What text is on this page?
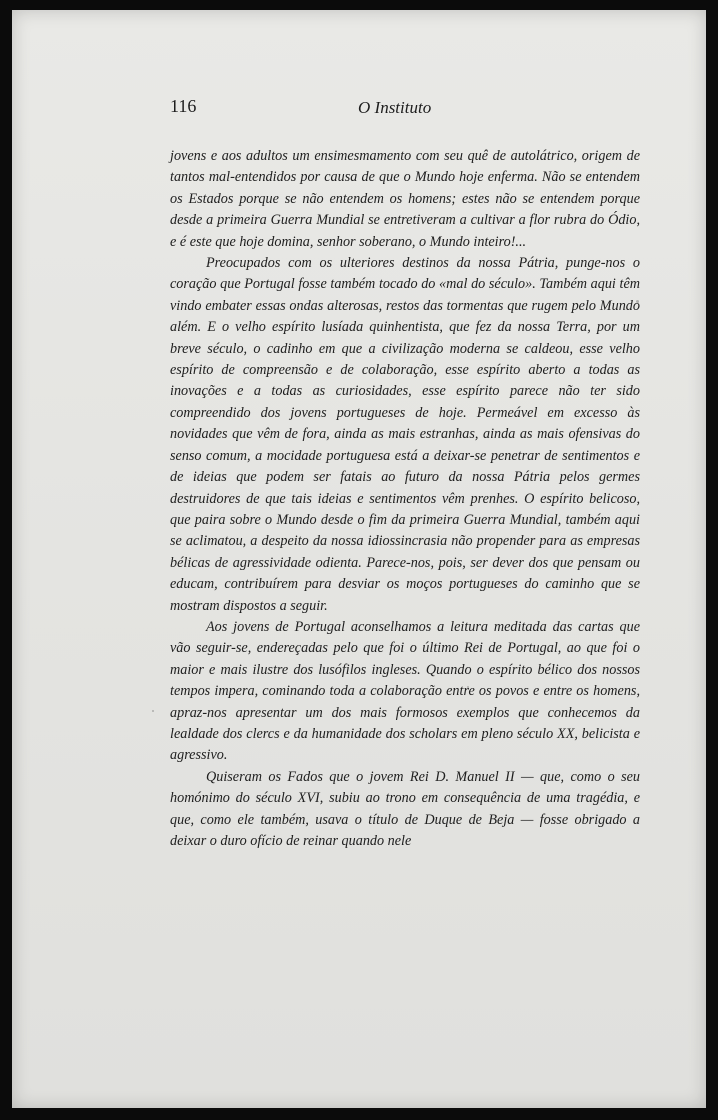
116	O Instituto

jovens e aos adultos um ensimesmamento com seu quê de autolátrico, origem de tantos mal-entendidos por causa de que o Mundo hoje enferma. Não se entendem os Estados porque se não entendem os homens; estes não se entendem porque desde a primeira Guerra Mundial se entretiveram a cultivar a flor rubra do Ódio, e é este que hoje domina, senhor soberano, o Mundo inteiro!...

Preocupados com os ulteriores destinos da nossa Pátria, punge-nos o coração que Portugal fosse também tocado do «mal do século». Também aqui têm vindo embater essas ondas alterosas, restos das tormentas que rugem pelo Mundo além. E o velho espírito lusíada quinhentista, que fez da nossa Terra, por um breve século, o cadinho em que a civilização moderna se caldeou, esse velho espírito de compreensão e de colaboração, esse espírito aberto a todas as inovações e a todas as curiosidades, esse espírito parece não ter sido compreendido dos jovens portugueses de hoje. Permeável em excesso às novidades que vêm de fora, ainda as mais estranhas, ainda as mais ofensivas do senso comum, a mocidade portuguesa está a deixar-se penetrar de sentimentos e de ideias que podem ser fatais ao futuro da nossa Pátria pelos germes destruidores de que tais ideias e sentimentos vêm prenhes. O espírito belicoso, que paira sobre o Mundo desde o fim da primeira Guerra Mundial, também aqui se aclimatou, a despeito da nossa idiossincrasia não propender para as empresas bélicas de agressividade odienta. Parece-nos, pois, ser dever dos que pensam ou educam, contribuírem para desviar os moços portugueses do caminho que se mostram dispostos a seguir.

Aos jovens de Portugal aconselhamos a leitura meditada das cartas que vão seguir-se, endereçadas pelo que foi o último Rei de Portugal, ao que foi o maior e mais ilustre dos lusófilos ingleses. Quando o espírito bélico dos nossos tempos impera, cominando toda a colaboração entre os povos e entre os homens, apraz-nos apresentar um dos mais formosos exemplos que conhecemos da lealdade dos clercs e da humanidade dos scholars em pleno século XX, belicista e agressivo.

Quiseram os Fados que o jovem Rei D. Manuel II — que, como o seu homónimo do século XVI, subiu ao trono em consequência de uma tragédia, e que, como ele também, usava o título de Duque de Beja — fosse obrigado a deixar o duro ofício de reinar quando nele
